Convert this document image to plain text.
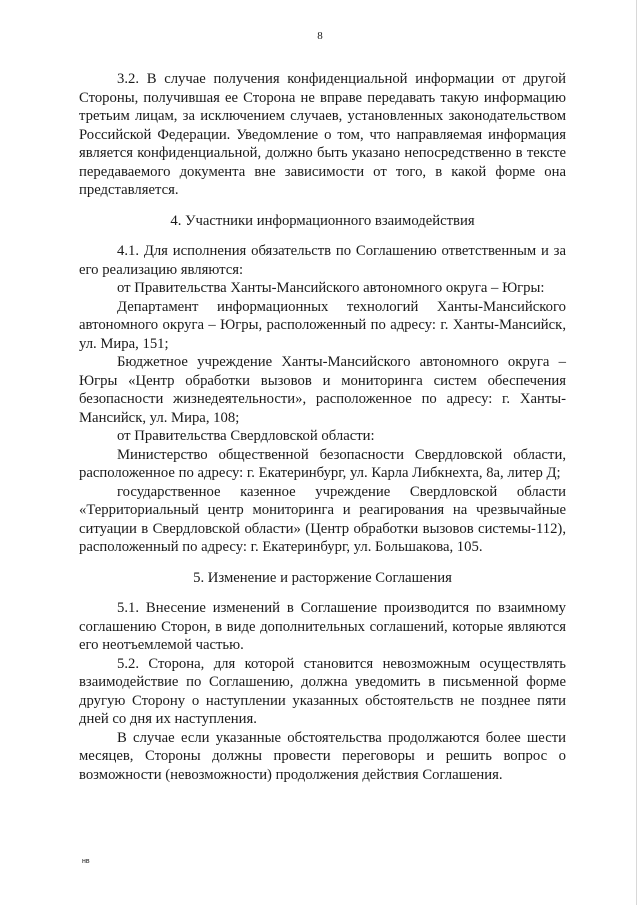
8

3.2. В случае получения конфиденциальной информации от другой Стороны, получившая ее Сторона не вправе передавать такую информацию третьим лицам, за исключением случаев, установленных законодательством Российской Федерации. Уведомление о том, что направляемая информация является конфиденциальной, должно быть указано непосредственно в тексте передаваемого документа вне зависимости от того, в какой форме она представляется.

4. Участники информационного взаимодействия

4.1. Для исполнения обязательств по Соглашению ответственным и за его реализацию являются:

от Правительства Ханты-Мансийского автономного округа – Югры:

Департамент информационных технологий Ханты-Мансийского автономного округа – Югры, расположенный по адресу: г. Ханты-Мансийск, ул. Мира, 151;

Бюджетное учреждение Ханты-Мансийского автономного округа – Югры «Центр обработки вызовов и мониторинга систем обеспечения безопасности жизнедеятельности», расположенное по адресу: г. Ханты-Мансийск, ул. Мира, 108;

от Правительства Свердловской области:

Министерство общественной безопасности Свердловской области, расположенное по адресу: г. Екатеринбург, ул. Карла Либкнехта, 8а, литер Д;

государственное казенное учреждение Свердловской области «Территориальный центр мониторинга и реагирования на чрезвычайные ситуации в Свердловской области» (Центр обработки вызовов системы-112), расположенный по адресу: г. Екатеринбург, ул. Большакова, 105.

5. Изменение и расторжение Соглашения

5.1. Внесение изменений в Соглашение производится по взаимному соглашению Сторон, в виде дополнительных соглашений, которые являются его неотъемлемой частью.

5.2. Сторона, для которой становится невозможным осуществлять взаимодействие по Соглашению, должна уведомить в письменной форме другую Сторону о наступлении указанных обстоятельств не позднее пяти дней со дня их наступления.

В случае если указанные обстоятельства продолжаются более шести месяцев, Стороны должны провести переговоры и решить вопрос о возможности (невозможности) продолжения действия Соглашения.

нв
